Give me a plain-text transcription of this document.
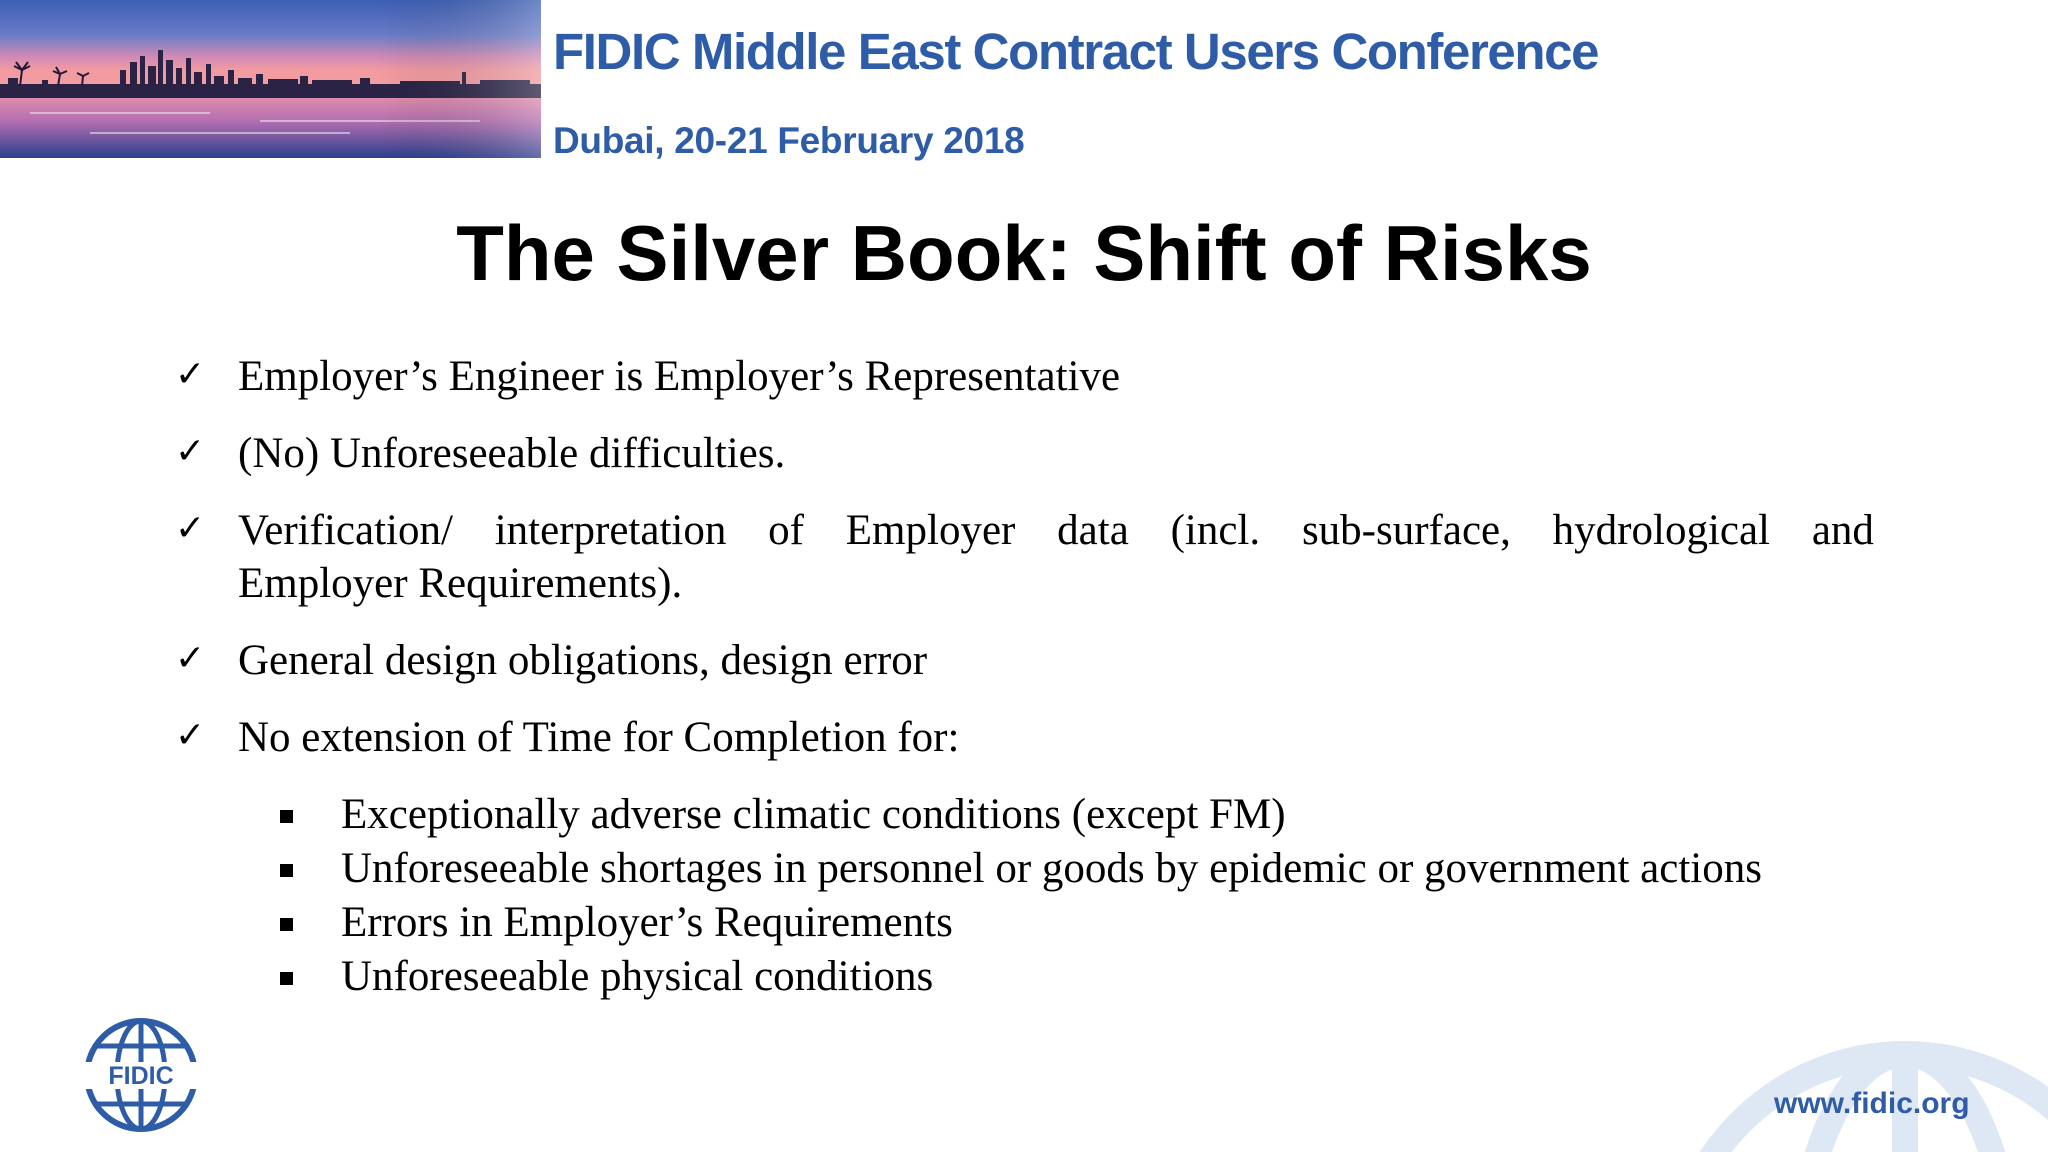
FIDIC Middle East Contract Users Conference
Dubai, 20-21 February 2018
The Silver Book: Shift of Risks
✓ Employer’s Engineer is Employer’s Representative
✓ (No) Unforeseeable difficulties.
✓ Verification/ interpretation of Employer data (incl. sub-surface, hydrological and
Employer Requirements).
✓ General design obligations, design error
✓ No extension of Time for Completion for:
Exceptionally adverse climatic conditions (except FM)
Unforeseeable shortages in personnel or goods by epidemic or government actions
Errors in Employer’s Requirements
Unforeseeable physical conditions
FIDIC
www.fidic.org
